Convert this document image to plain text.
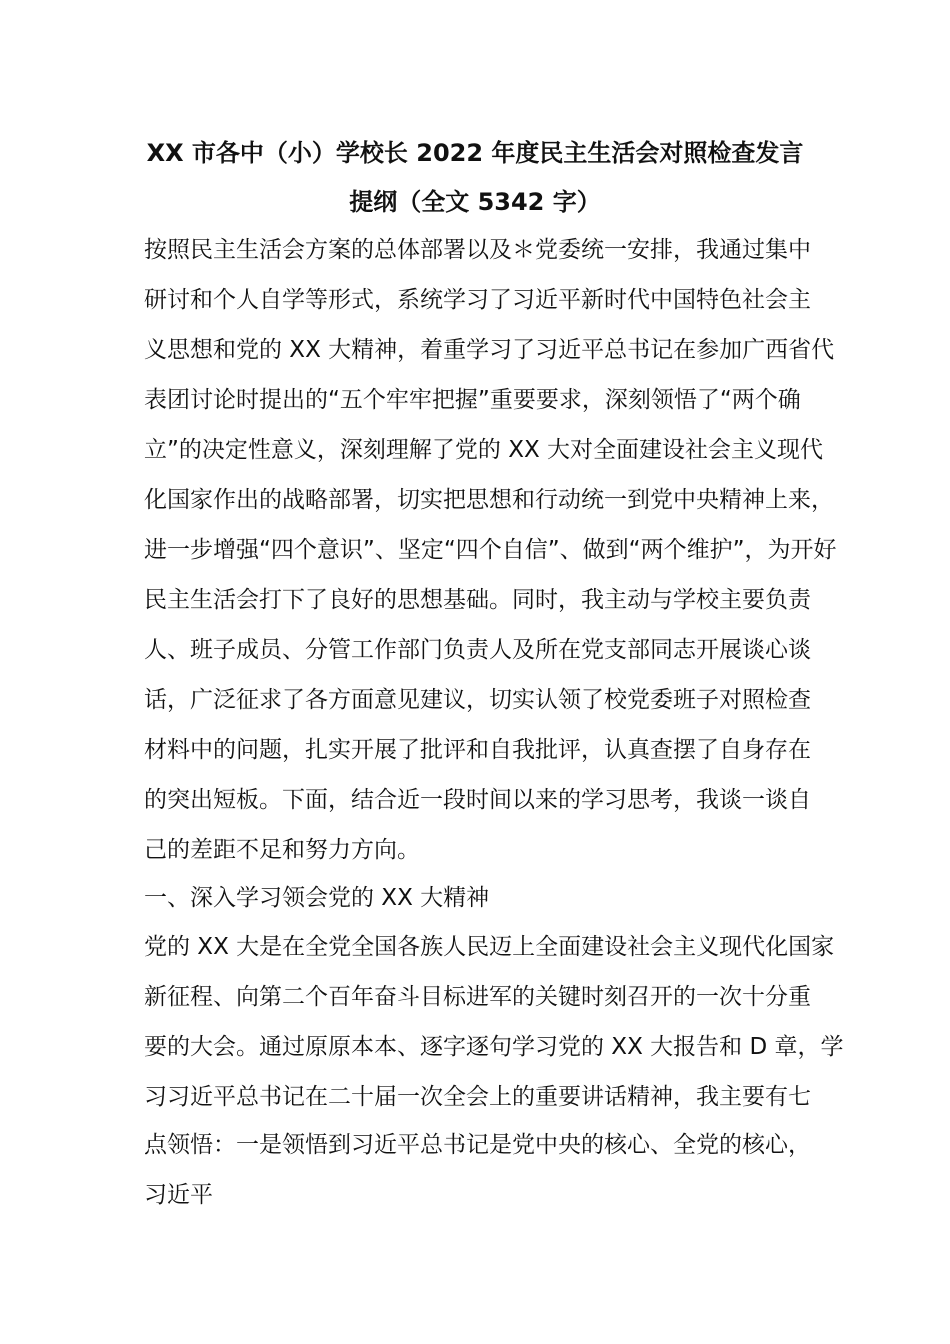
XX 市各中（小）学校长 2022 年度民主生活会对照检查发言
提纲（全文 5342 字）

按照民主生活会方案的总体部署以及＊党委统一安排，我通过集中

研讨和个人自学等形式，系统学习了习近平新时代中国特色社会主

义思想和党的 XX 大精神，着重学习了习近平总书记在参加广西省代

表团讨论时提出的“五个牢牢把握”重要要求，深刻领悟了“两个确

立”的决定性意义，深刻理解了党的 XX 大对全面建设社会主义现代

化国家作出的战略部署，切实把思想和行动统一到党中央精神上来，

进一步增强“四个意识”、坚定“四个自信”、做到“两个维护”，为开好

民主生活会打下了良好的思想基础。同时，我主动与学校主要负责

人、班子成员、分管工作部门负责人及所在党支部同志开展谈心谈

话，广泛征求了各方面意见建议，切实认领了校党委班子对照检查

材料中的问题，扎实开展了批评和自我批评，认真查摆了自身存在

的突出短板。下面，结合近一段时间以来的学习思考，我谈一谈自

己的差距不足和努力方向。

一、深入学习领会党的 XX 大精神

党的 XX 大是在全党全国各族人民迈上全面建设社会主义现代化国家

新征程、向第二个百年奋斗目标进军的关键时刻召开的一次十分重

要的大会。通过原原本本、逐字逐句学习党的 XX 大报告和 D 章，学

习习近平总书记在二十届一次全会上的重要讲话精神，我主要有七

点领悟：一是领悟到习近平总书记是党中央的核心、全党的核心，

习近平
